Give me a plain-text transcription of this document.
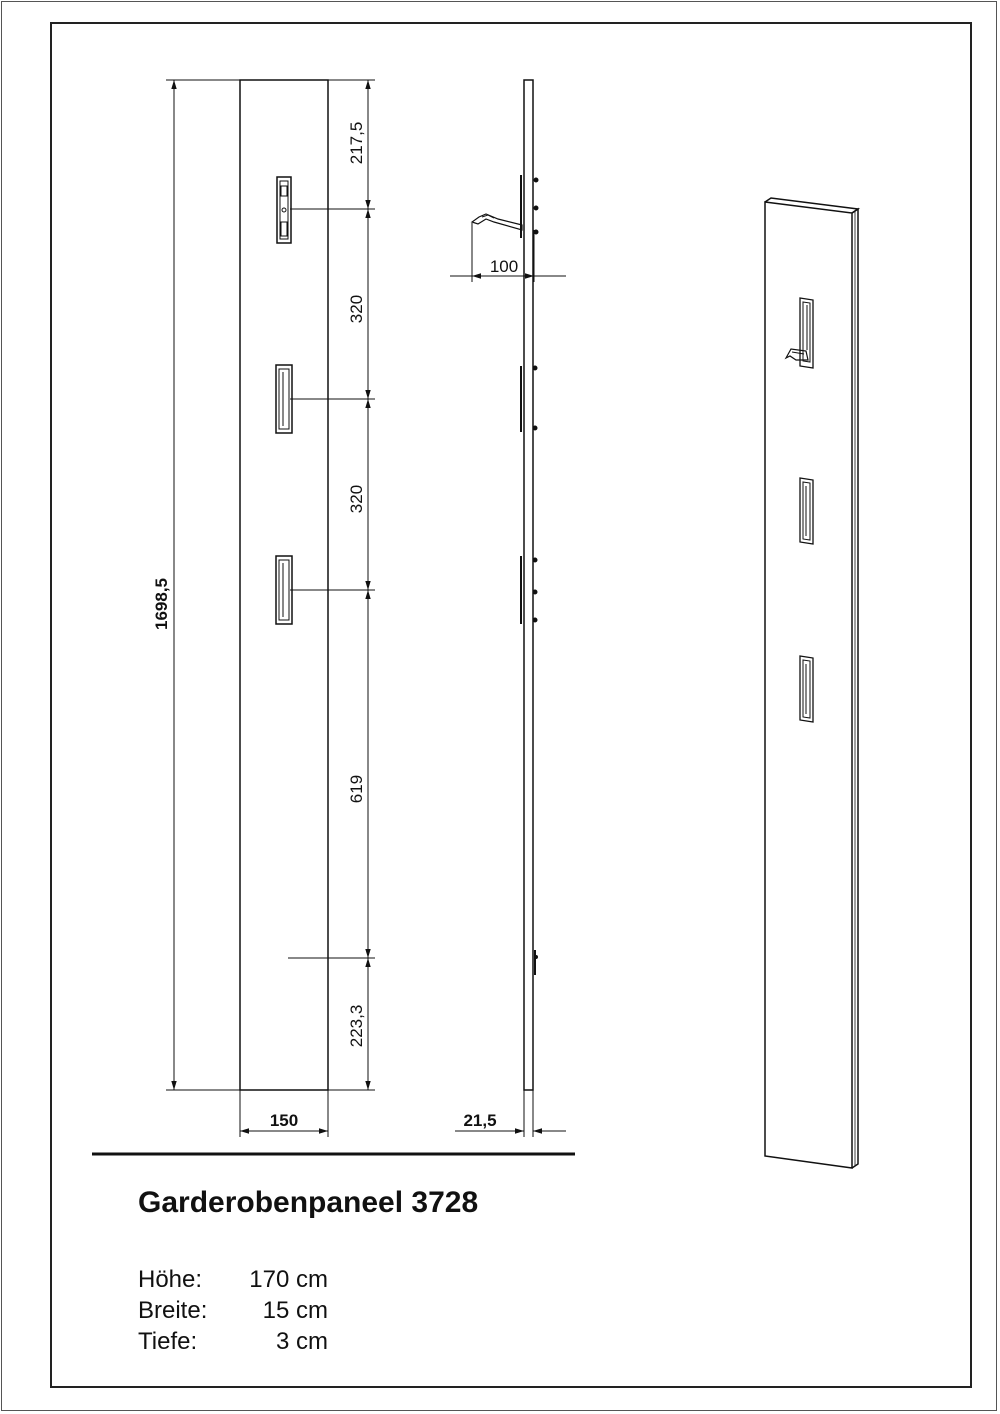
1698,5
217,5
320
320
619
223,3
150
100
21,5
Garderobenpaneel 3728
Höhe: 170 cm
Breite: 15 cm
Tiefe:	3 cm
